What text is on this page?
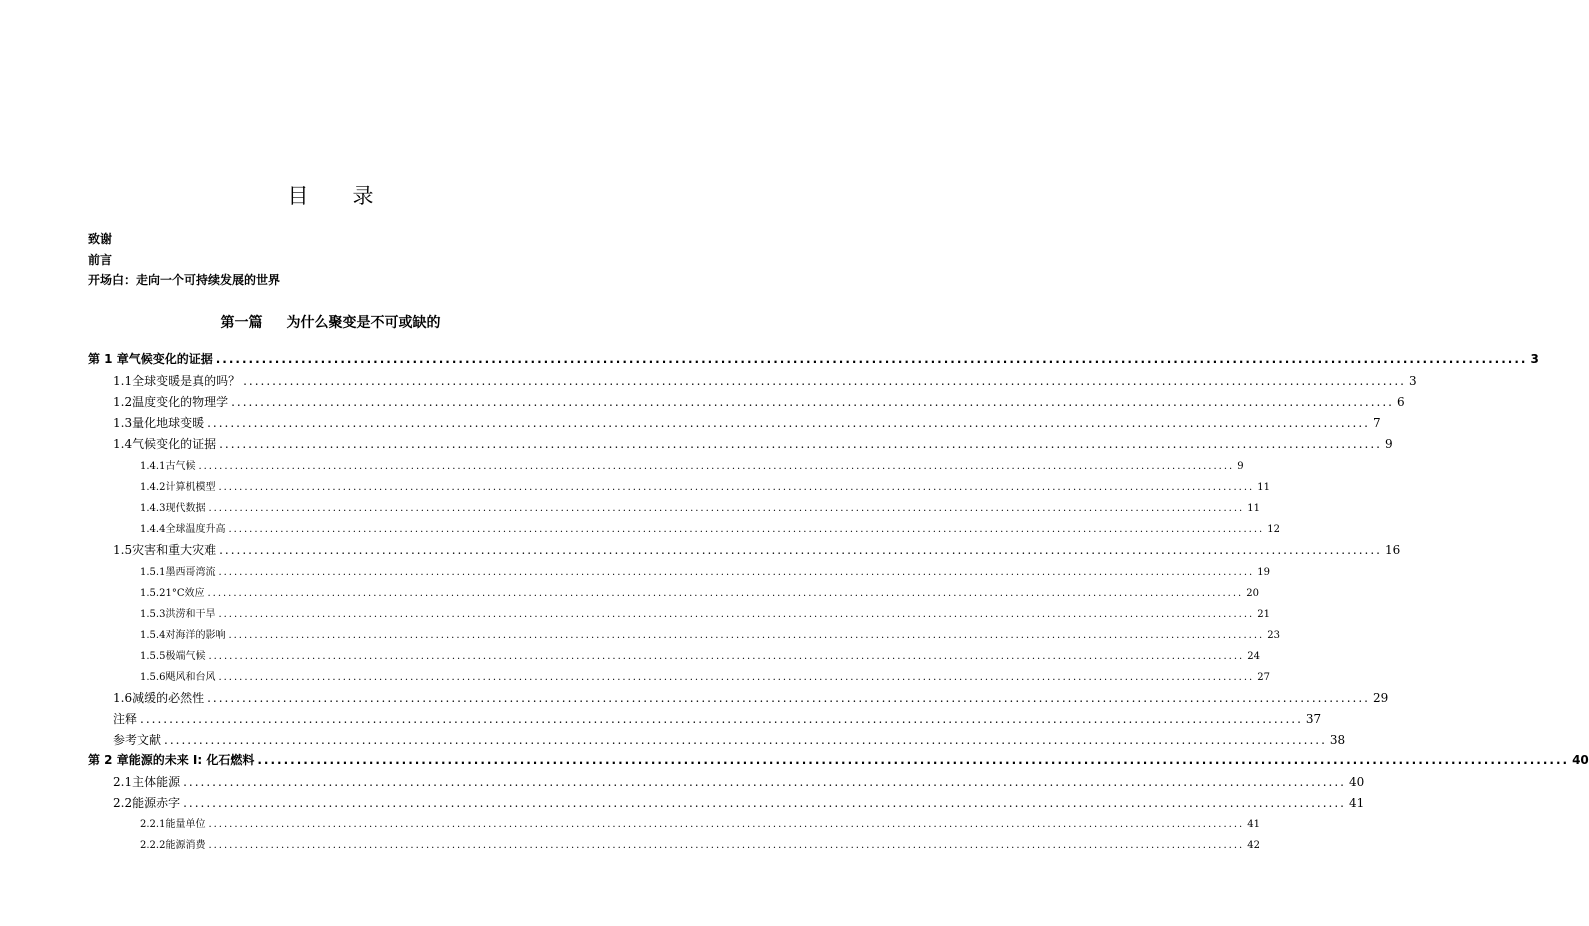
目录
致谢
前言
开场白：走向一个可持续发展的世界
第一篇 为什么聚变是不可或缺的
第 1 章 气候变化的证据 ........................................................................................................................................................................................................ 3
1.1 全球变暖是真的吗？ ........................................................................................................................................................................................................ 3
1.2 温度变化的物理学 ........................................................................................................................................................................................................ 6
1.3 量化地球变暖 ........................................................................................................................................................................................................ 7
1.4 气候变化的证据 ........................................................................................................................................................................................................ 9
1.4.1 古气候 ........................................................................................................................................................................................................ 9
1.4.2 计算机模型 ........................................................................................................................................................................................................ 11
1.4.3 现代数据 ........................................................................................................................................................................................................ 11
1.4.4 全球温度升高 ........................................................................................................................................................................................................ 12
1.5 灾害和重大灾难 ........................................................................................................................................................................................................ 16
1.5.1 墨西哥湾流 ........................................................................................................................................................................................................ 19
1.5.2 1°C效应 ........................................................................................................................................................................................................ 20
1.5.3 洪涝和干旱 ........................................................................................................................................................................................................ 21
1.5.4 对海洋的影响 ........................................................................................................................................................................................................ 23
1.5.5 极端气候 ........................................................................................................................................................................................................ 24
1.5.6 飓风和台风 ........................................................................................................................................................................................................ 27
1.6 减缓的必然性 ........................................................................................................................................................................................................ 29
注释 ........................................................................................................................................................................................................ 37
参考文献 ........................................................................................................................................................................................................ 38
第 2 章 能源的未来 I: 化石燃料 ........................................................................................................................................................................................................ 40
2.1 主体能源 ........................................................................................................................................................................................................ 40
2.2 能源赤字 ........................................................................................................................................................................................................ 41
2.2.1 能量单位 ........................................................................................................................................................................................................ 41
2.2.2 能源消费 ........................................................................................................................................................................................................ 42
